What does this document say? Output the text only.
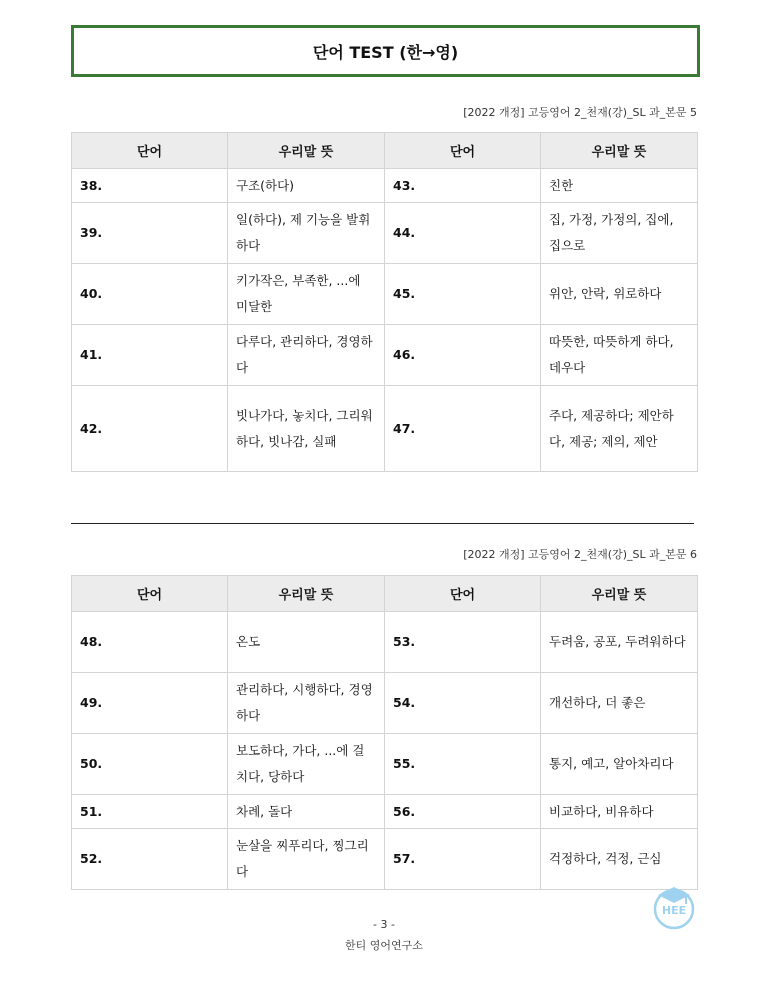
단어 TEST (한→영)
[2022 개정] 고등영어 2_천재(강)_SL 과_본문 5
단어	우리말 뜻	단어	우리말 뜻
38.	구조(하다)	43.	친한
39.	일(하다), 제 기능을 발휘하다	44.	집, 가정, 가정의, 집에, 집으로
40.	키가작은, 부족한, ...에 미달한	45.	위안, 안락, 위로하다
41.	다루다, 관리하다, 경영하다	46.	따뜻한, 따뜻하게 하다, 데우다
42.	빗나가다, 놓치다, 그리워하다, 빗나감, 실패	47.	주다, 제공하다; 제안하다, 제공; 제의, 제안
[2022 개정] 고등영어 2_천재(강)_SL 과_본문 6
단어	우리말 뜻	단어	우리말 뜻
48.	온도	53.	두려움, 공포, 두려워하다
49.	관리하다, 시행하다, 경영하다	54.	개선하다, 더 좋은
50.	보도하다, 가다, ...에 걸치다, 당하다	55.	통지, 예고, 알아차리다
51.	차례, 돌다	56.	비교하다, 비유하다
52.	눈살을 찌푸리다, 찡그리다	57.	걱정하다, 걱정, 근심
- 3 -
한티 영어연구소
HEE
